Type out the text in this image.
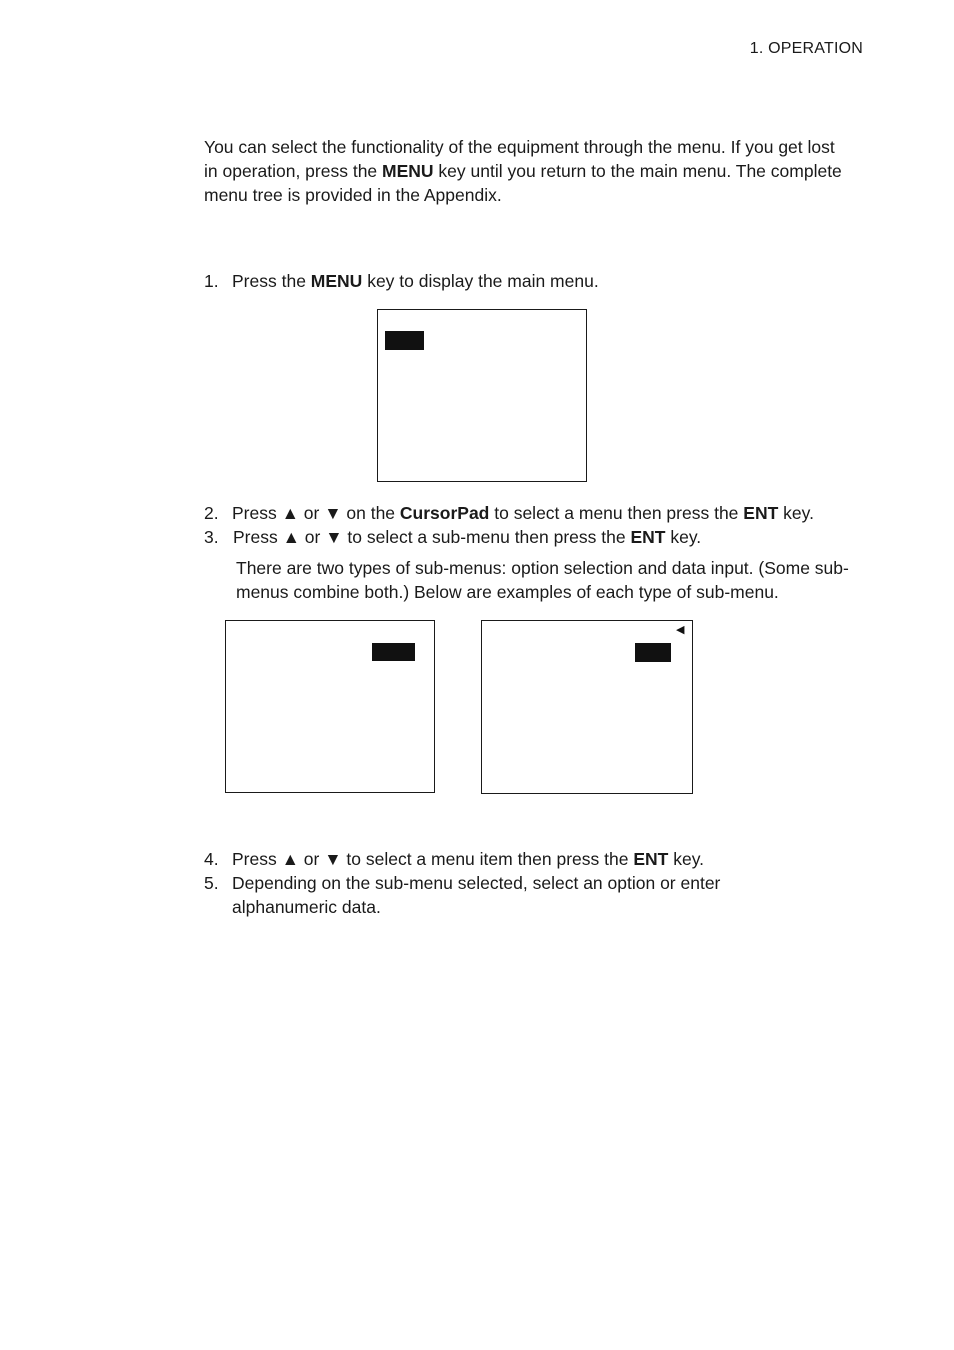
1. OPERATION
You can select the functionality of the equipment through the menu. If you get lost in operation, press the MENU key until you return to the main menu. The complete menu tree is provided in the Appendix.
1. Press the MENU key to display the main menu.
2. Press ▲ or ▼ on the CursorPad to select a menu then press the ENT key.
3. Press ▲ or ▼ to select a sub-menu then press the ENT key.
There are two types of sub-menus: option selection and data input. (Some sub-menus combine both.) Below are examples of each type of sub-menu.
◀
4. Press ▲ or ▼ to select a menu item then press the ENT key.
5. Depending on the sub-menu selected, select an option or enter alphanumeric data.
